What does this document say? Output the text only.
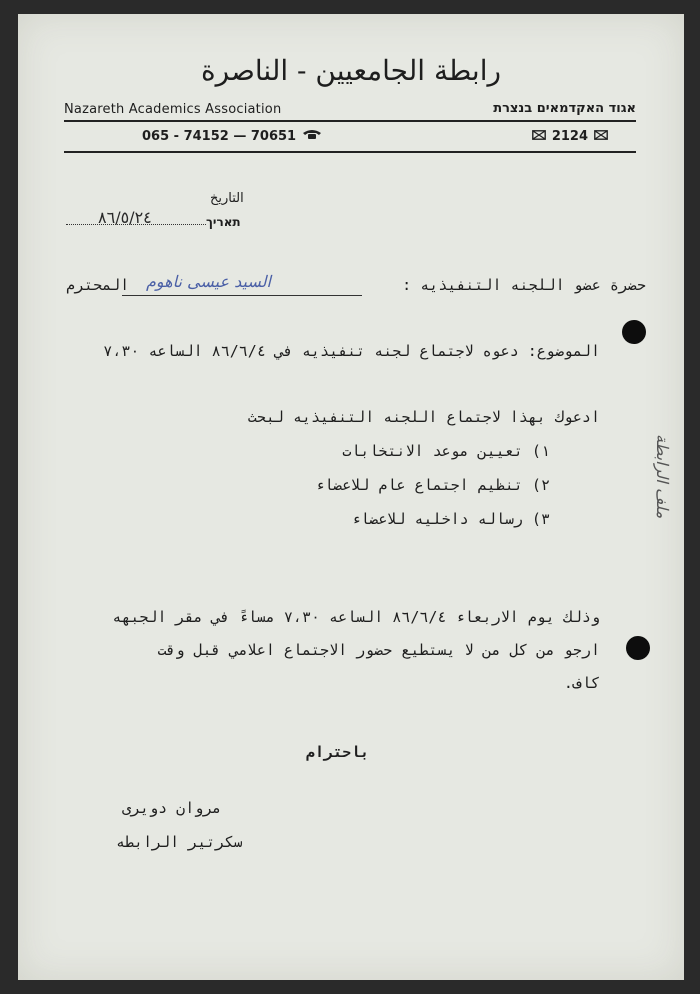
رابطة الجامعيين - الناصرة
Nazareth Academics Association	אגוד האקדמאים בנצרת
065 - 74152 — 70651	2124
التاريخ
תאריך
٨٦/٥/٢٤
حضرة عضو اللجنه التنفيذيه :
السيد عيسى ناهوم
المحترم
الموضوع: دعوه لاجتماع لجنه تنفيذيه في ٨٦/٦/٤ الساعه ٧،٣٠
ادعوك بهذا لاجتماع اللجنه التنفيذيه لبحث
١) تعيين موعد الانتخابات
٢) تنظيم اجتماع عام للاعضاء
٣) رساله داخليه للاعضاء
وذلك يوم الاربعاء ٨٦/٦/٤ الساعه ٧،٣٠ مساءً في مقر الجبهه
ارجو من كل من لا يستطيع حضور الاجتماع اعلامي قبل وقت
كاف.
باحترام
مروان دويرى
سكرتير الرابطه
ملف الرابطة
